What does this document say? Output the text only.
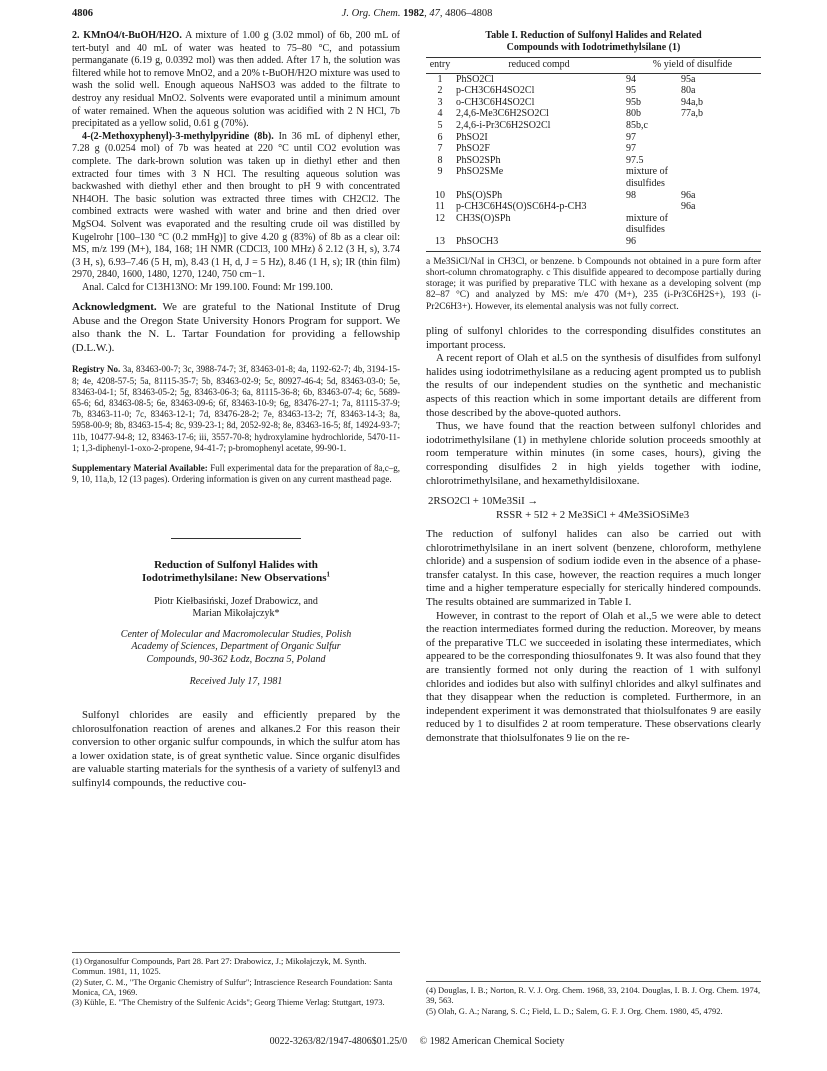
4806	J. Org. Chem. 1982, 47, 4806–4808

2. KMnO4/t-BuOH/H2O. A mixture of 1.00 g (3.02 mmol) of 6b, 200 mL of tert-butyl and 40 mL of water was heated to 75–80 °C, and potassium permanganate (6.19 g, 0.0392 mol) was then added. After 17 h, the solution was filtered while hot to remove MnO2, and a 20% t-BuOH/H2O mixture was used to wash the solid well. Enough aqueous NaHSO3 was added to the filtrate to destroy any residual MnO2. Solvents were evaporated until a minimum amount of water remained. When the aqueous solution was acidified with 2 N HCl, 7b precipitated as a yellow solid, 0.61 g (70%).

4-(2-Methoxyphenyl)-3-methylpyridine (8b). In 36 mL of diphenyl ether, 7.28 g (0.0254 mol) of 7b was heated at 220 °C until CO2 evolution was complete. The dark-brown solution was taken up in diethyl ether and then extracted four times with 3 N HCl. The resulting aqueous solution was backwashed with diethyl ether and then brought to pH 9 with concentrated NH4OH. The basic solution was extracted three times with CH2Cl2. The combined extracts were washed with water and brine and then dried over MgSO4. Solvent was evaporated and the resulting crude oil was distilled by Kugelrohr [100–130 °C (0.2 mmHg)] to give 4.20 g (83%) of 8b as a clear oil: MS, m/z 199 (M+), 184, 168; 1H NMR (CDCl3, 100 MHz) δ 2.12 (3 H, s), 3.74 (3 H, s), 6.93–7.46 (5 H, m), 8.43 (1 H, d, J = 5 Hz), 8.46 (1 H, s); IR (thin film) 2970, 2840, 1600, 1480, 1270, 1240, 750 cm−1.

Anal. Calcd for C13H13NO: Mr 199.100. Found: Mr 199.100.

Acknowledgment. We are grateful to the National Institute of Drug Abuse and the Oregon State University Honors Program for support. We also thank the N. L. Tartar Foundation for providing a fellowship (D.L.W.).

Registry No. 3a, 83463-00-7; 3c, 3988-74-7; 3f, 83463-01-8; 4a, 1192-62-7; 4b, 3194-15-8; 4e, 4208-57-5; 5a, 81115-35-7; 5b, 83463-02-9; 5c, 80927-46-4; 5d, 83463-03-0; 5e, 83463-04-1; 5f, 83463-05-2; 5g, 83463-06-3; 6a, 81115-36-8; 6b, 83463-07-4; 6c, 5689-65-6; 6d, 83463-08-5; 6e, 83463-09-6; 6f, 83463-10-9; 6g, 83476-27-1; 7a, 81115-37-9; 7b, 83463-11-0; 7c, 83463-12-1; 7d, 83476-28-2; 7e, 83463-13-2; 7f, 83463-14-3; 8a, 5958-00-9; 8b, 83463-15-4; 8c, 939-23-1; 8d, 2052-92-8; 8e, 83463-16-5; 8f, 14924-93-7; 11b, 10477-94-8; 12, 83463-17-6; iii, 3557-70-8; hydroxylamine hydrochloride, 5470-11-1; 1,3-diphenyl-1-oxo-2-propene, 94-41-7; p-bromophenyl acetate, 99-90-1.

Supplementary Material Available: Full experimental data for the preparation of 8a,c–g, 9, 10, 11a,b, 12 (13 pages). Ordering information is given on any current masthead page.

Reduction of Sulfonyl Halides with
Iodotrimethylsilane: New Observations$^1$
Piotr Kiełbasiński, Jozef Drabowicz, and
Marian Mikołajczyk*
Center of Molecular and Macromolecular Studies, Polish
Academy of Sciences, Department of Organic Sulfur
Compounds, 90-362 Łodz, Boczna 5, Poland
Received July 17, 1981

Sulfonyl chlorides are easily and efficiently prepared by the chlorosulfonation reaction of arenes and alkanes.2 For this reason their conversion to other organic sulfur compounds, in which the sulfur atom has a lower oxidation state, is of great synthetic value. Since organic disulfides are valuable starting materials for the synthesis of a variety of sulfenyl3 and sulfinyl4 compounds, the reductive cou-

(1) Organosulfur Compounds, Part 28. Part 27: Drabowicz, J.; Mikołajczyk, M. Synth. Commun. 1981, 11, 1025.

(2) Suter, C. M., "The Organic Chemistry of Sulfur"; Intrascience Research Foundation: Santa Monica, CA, 1969.

(3) Kühle, E. "The Chemistry of the Sulfenic Acids"; Georg Thieme Verlag: Stuttgart, 1973.

Table I. Reduction of Sulfonyl Halides and Related
Compounds with Iodotrimethylsilane (1)
entry	reduced compd	% yield of disulfide	
1	PhSO2Cl	94	95a
2	p-CH3C6H4SO2Cl	95	80a
3	o-CH3C6H4SO2Cl	95b	94a,b
4	2,4,6-Me3C6H2SO2Cl	80b	77a,b
5	2,4,6-i-Pr3C6H2SO2Cl	85b,c	
6	PhSO2I	97	
7	PhSO2F	97	
8	PhSO2SPh	97.5	
9	PhSO2SMe	mixture of disulfides	
10	PhS(O)SPh	98	96a
11	p-CH3C6H4S(O)SC6H4-p-CH3		96a
12	CH3S(O)SPh	mixture of disulfides	
13	PhSOCH3	96	

a Me3SiCl/NaI in CH3Cl, or benzene. b Compounds not obtained in a pure form after short-column chromatography. c This disulfide appeared to decompose partially during storage; it was purified by preparative TLC with hexane as a developing solvent (mp 82–87 °C) and analyzed by MS: m/e 470 (M+), 235 (i-Pr3C6H2S+), 193 (i-Pr2C6H3+). However, its elemental analysis was not fully correct.

pling of sulfonyl chlorides to the corresponding disulfides constitutes an important process.

A recent report of Olah et al.5 on the synthesis of disulfides from sulfonyl halides using iodotrimethylsilane as a reducing agent prompted us to publish the results of our independent studies on the synthetic and mechanistic aspects of this reaction which in some important details are different from those described by the above-quoted authors.

Thus, we have found that the reaction between sulfonyl chlorides and iodotrimethylsilane (1) in methylene chloride solution proceeds smoothly at room temperature within minutes (in some cases, hours), giving the corresponding disulfides 2 in high yields together with iodine, chlorotrimethylsilane, and hexamethyldisiloxane.

2RSO2Cl + 10Me3SiI →
RSSR + 5I2 + 2 Me3SiCl + 4Me3SiOSiMe3

The reduction of sulfonyl halides can also be carried out with chlorotrimethylsilane in an inert solvent (benzene, chloroform, methylene chloride) and a suspension of sodium iodide even in the absence of a phase-transfer catalyst. In this case, however, the reaction requires a much longer time and a higher temperature especially for sterically hindered compounds. The results obtained are summarized in Table I.

However, in contrast to the report of Olah et al.,5 we were able to detect the reaction intermediates formed during the reduction. Moreover, by means of the preparative TLC we succeeded in isolating these intermediates, which appeared to be the corresponding thiosulfonates 9. It was also found that they are transiently formed not only during the reaction of 1 with sulfonyl chlorides and iodides but also with sulfinyl chlorides and alkyl sulfinates and that they disappear when the reduction is completed. Furthermore, in an independent experiment it was demonstrated that thiolsulfonates 9 are easily reduced by 1 to disulfides 2 at room temperature. These observations clearly demonstrate that thiolsulfonates 9 lie on the re-

(4) Douglas, I. B.; Norton, R. V. J. Org. Chem. 1968, 33, 2104. Douglas, I. B. J. Org. Chem. 1974, 39, 563.

(5) Olah, G. A.; Narang, S. C.; Field, L. D.; Salem, G. F. J. Org. Chem. 1980, 45, 4792.

0022-3263/82/1947-4806$01.25/0 © 1982 American Chemical Society
